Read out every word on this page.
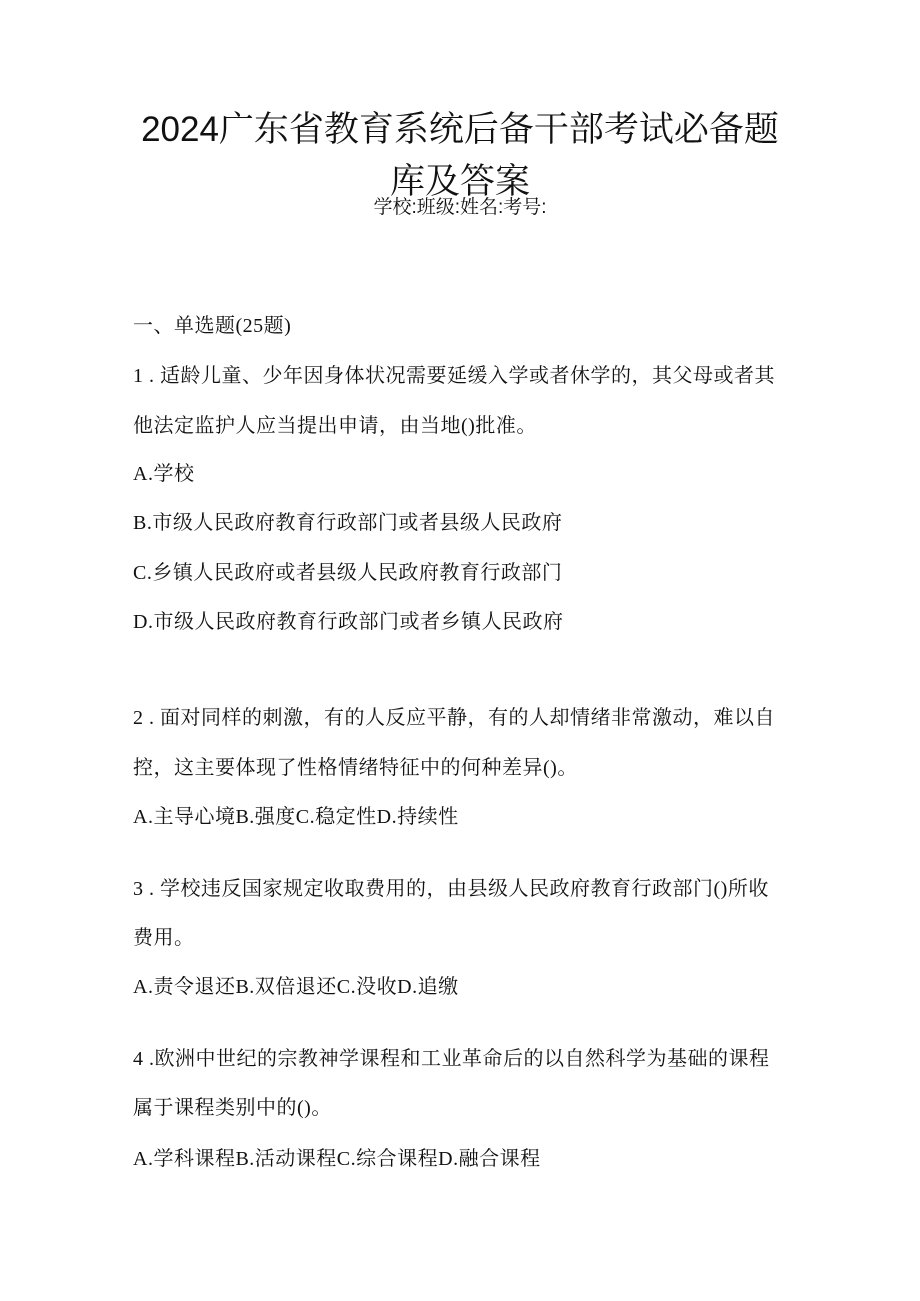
2024广东省教育系统后备干部考试必备题
库及答案
学校:班级:姓名:考号:
一、单选题(25题)
1 . 适龄儿童、少年因身体状况需要延缓入学或者休学的，其父母或者其
他法定监护人应当提出申请，由当地()批准。
A.学校
B.市级人民政府教育行政部门或者县级人民政府
C.乡镇人民政府或者县级人民政府教育行政部门
D.市级人民政府教育行政部门或者乡镇人民政府
2 . 面对同样的刺激，有的人反应平静，有的人却情绪非常激动，难以自
控，这主要体现了性格情绪特征中的何种差异()。
A.主导心境B.强度C.稳定性D.持续性
3 . 学校违反国家规定收取费用的，由县级人民政府教育行政部门()所收
费用。
A.责令退还B.双倍退还C.没收D.追缴
4 .欧洲中世纪的宗教神学课程和工业革命后的以自然科学为基础的课程
属于课程类别中的()。
A.学科课程B.活动课程C.综合课程D.融合课程
